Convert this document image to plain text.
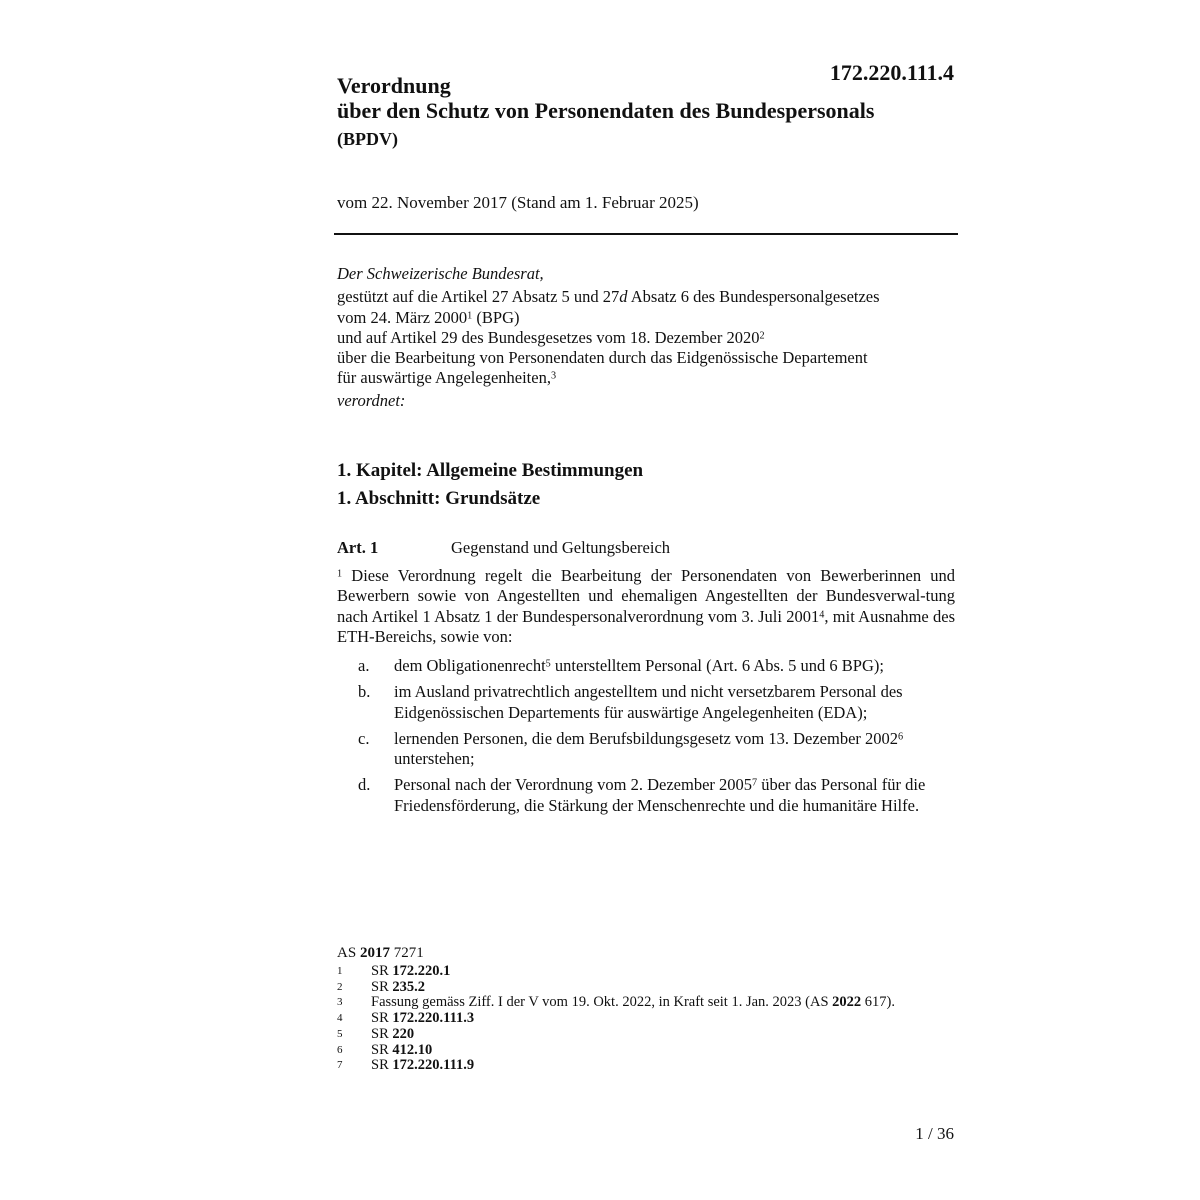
172.220.111.4
Verordnung
über den Schutz von Personendaten des Bundespersonals
(BPDV)
vom 22. November 2017 (Stand am 1. Februar 2025)
Der Schweizerische Bundesrat,
gestützt auf die Artikel 27 Absatz 5 und 27d Absatz 6 des Bundespersonalgesetzes
vom 24. März 2000$^1$ (BPG)
und auf Artikel 29 des Bundesgesetzes vom 18. Dezember 2020$^2$
über die Bearbeitung von Personendaten durch das Eidgenössische Departement
für auswärtige Angelegenheiten,$^3$
verordnet:
1. Kapitel: Allgemeine Bestimmungen
1. Abschnitt: Grundsätze
Art. 1	Gegenstand und Geltungsbereich
$^1$ Diese Verordnung regelt die Bearbeitung der Personendaten von Bewerberinnen und Bewerbern sowie von Angestellten und ehemaligen Angestellten der Bundesverwal-tung nach Artikel 1 Absatz 1 der Bundespersonalverordnung vom 3. Juli 2001$^4$, mit Ausnahme des ETH-Bereichs, sowie von:
a.	dem Obligationenrecht$^5$ unterstelltem Personal (Art. 6 Abs. 5 und 6 BPG);
b.	im Ausland privatrechtlich angestelltem und nicht versetzbarem Personal des Eidgenössischen Departements für auswärtige Angelegenheiten (EDA);
c.	lernenden Personen, die dem Berufsbildungsgesetz vom 13. Dezember 2002$^6$ unterstehen;
d.	Personal nach der Verordnung vom 2. Dezember 2005$^7$ über das Personal für die Friedensförderung, die Stärkung der Menschenrechte und die humanitäre Hilfe.
AS 2017 7271
1	SR 172.220.1
2	SR 235.2
3	Fassung gemäss Ziff. I der V vom 19. Okt. 2022, in Kraft seit 1. Jan. 2023 (AS 2022 617).
4	SR 172.220.111.3
5	SR 220
6	SR 412.10
7	SR 172.220.111.9
1 / 36
